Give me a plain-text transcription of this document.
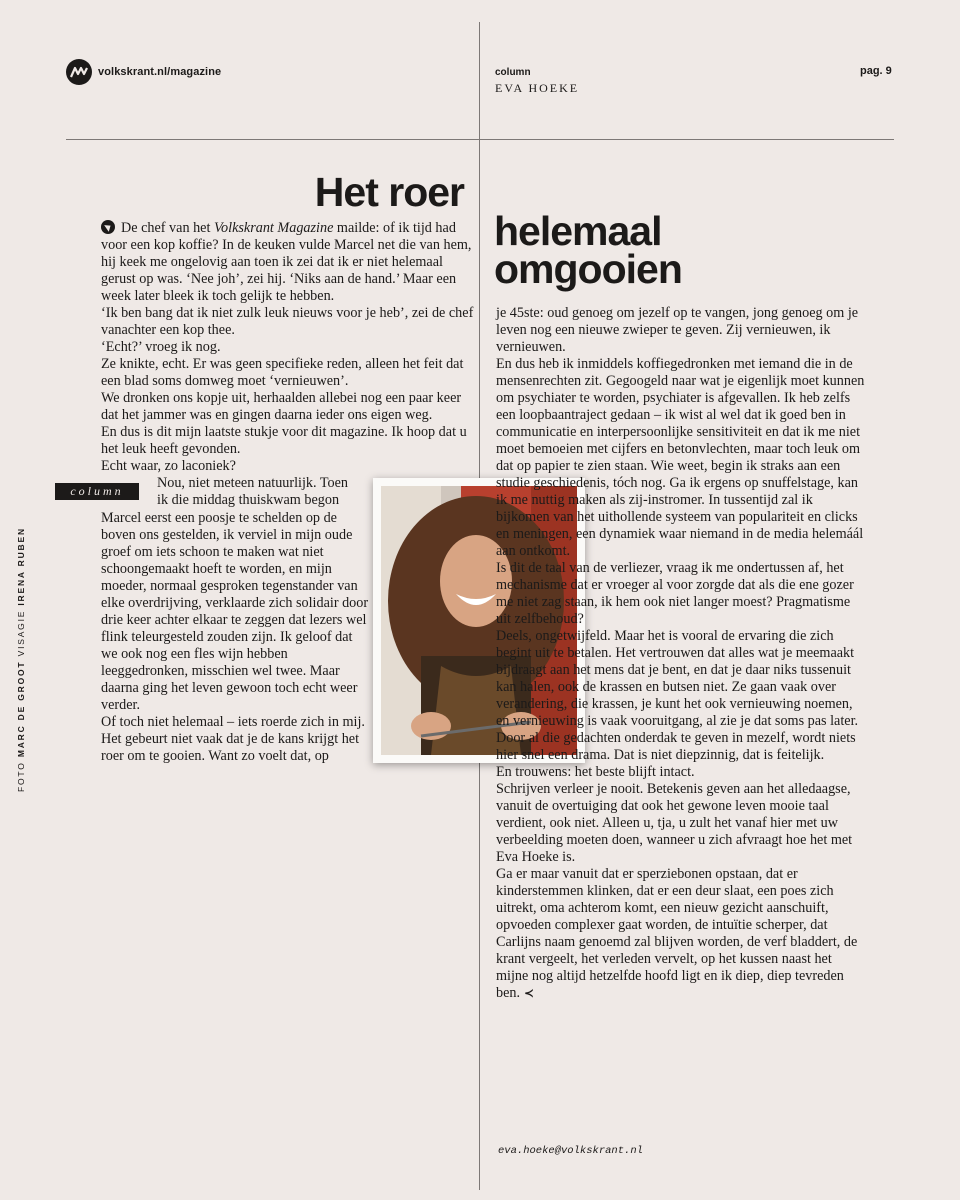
volkskrant.nl/magazine	column
EVA HOEKE
pag. 9
Het roer
helemaal
omgooien
column
FOTO MARC DE GROOT VISAGIE IRENA RUBEN

De chef van het Volkskrant Magazine mailde: of ik tijd had voor een kop koffie? In de keuken vulde Marcel net die van hem, hij keek me ongelovig aan toen ik zei dat ik er niet helemaal gerust op was. ‘Nee joh’, zei hij. ‘Niks aan de hand.’ Maar een week later bleek ik toch gelijk te hebben.

‘Ik ben bang dat ik niet zulk leuk nieuws voor je heb’, zei de chef vanachter een kop thee.

‘Echt?’ vroeg ik nog.

Ze knikte, echt. Er was geen specifieke reden, alleen het feit dat een blad soms domweg moet ‘vernieuwen’.

We dronken ons kopje uit, herhaalden allebei nog een paar keer dat het jammer was en gingen daarna ieder ons eigen weg.

En dus is dit mijn laatste stukje voor dit magazine. Ik hoop dat u het leuk heeft gevonden.

Echt waar, zo laconiek?

Nou, niet meteen natuurlijk. Toen

ik die middag thuiskwam begon

Marcel eerst een poosje te schelden op de boven ons gestelden, ik verviel in mijn oude groef om iets schoon te maken wat niet schoongemaakt hoeft te worden, en mijn moeder, normaal gesproken tegenstander van elke overdrijving, verklaarde zich solidair door drie keer achter elkaar te zeggen dat lezers wel flink teleurgesteld zouden zijn. Ik geloof dat we ook nog een fles wijn hebben leeggedronken, misschien wel twee. Maar daarna ging het leven gewoon toch echt weer verder.

Of toch niet helemaal – iets roerde zich in mij.

Het gebeurt niet vaak dat je de kans krijgt het roer om te gooien. Want zo voelt dat, op

je 45ste: oud genoeg om jezelf op te vangen, jong genoeg om je leven nog een nieuwe zwieper te geven. Zij vernieuwen, ik vernieuwen.

En dus heb ik inmiddels koffiegedronken met iemand die in de mensenrechten zit. Gegoogeld naar wat je eigenlijk moet kunnen om psychiater te worden, psychiater is afgevallen. Ik heb zelfs een loopbaantraject gedaan – ik wist al wel dat ik goed ben in communicatie en interpersoonlijke sensitiviteit en dat ik me niet moet bemoeien met cijfers en betonvlechten, maar toch leuk om dat op papier te zien staan. Wie weet, begin ik straks aan een studie geschiedenis, tóch nog. Ga ik ergens op snuffelstage, kan ik me nuttig maken als zij-instromer. In tussentijd zal ik bijkomen van het uithollende systeem van populariteit en clicks en meningen, een dynamiek waar niemand in de media helemáál aan ontkomt.

Is dit de taal van de verliezer, vraag ik me ondertussen af, het mechanisme dat er vroeger al voor zorgde dat als die ene gozer me niet zag staan, ik hem ook niet langer moest? Pragmatisme uit zelfbehoud?

Deels, ongetwijfeld. Maar het is vooral de ervaring die zich begint uit te betalen. Het vertrouwen dat alles wat je meemaakt bijdraagt aan het mens dat je bent, en dat je daar niks tussenuit kan halen, ook de krassen en butsen niet. Ze gaan vaak over verandering, die krassen, je kunt het ook vernieuwing noemen, en vernieuwing is vaak vooruitgang, al zie je dat soms pas later. Door al die gedachten onderdak te geven in mezelf, wordt niets hier snel een drama. Dat is niet diepzinnig, dat is feitelijk.

En trouwens: het beste blijft intact.

Schrijven verleer je nooit. Betekenis geven aan het alledaagse, vanuit de overtuiging dat ook het gewone leven mooie taal verdient, ook niet. Alleen u, tja, u zult het vanaf hier met uw verbeelding moeten doen, wanneer u zich afvraagt hoe het met Eva Hoeke is.

Ga er maar vanuit dat er sperziebonen opstaan, dat er kinderstemmen klinken, dat er een deur slaat, een poes zich uitrekt, oma achterom komt, een nieuw gezicht aanschuift, opvoeden complexer gaat worden, de intuïtie scherper, dat Carlijns naam genoemd zal blijven worden, de verf bladdert, de krant vergeelt, het verleden vervelt, op het kussen naast het mijne nog altijd hetzelfde hoofd ligt en ik diep, diep tevreden ben. ≺

eva.hoeke@volkskrant.nl
